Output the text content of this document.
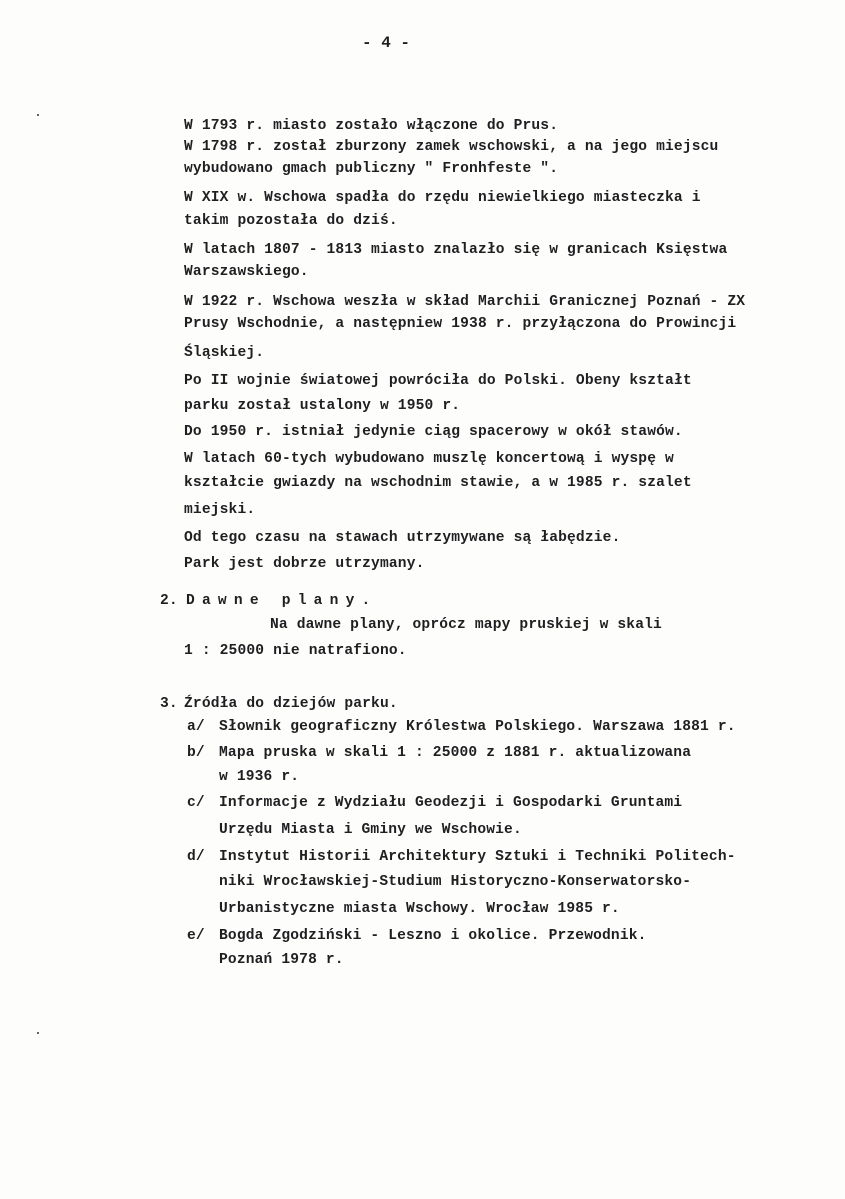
- 4 -
W 1793 r. miasto zostało włączone do Prus.
W 1798 r. został zburzony zamek wschowski, a na jego miejscu
wybudowano gmach publiczny " Fronhfeste ".
W XIX w. Wschowa spadła do rzędu niewielkiego miasteczka i
takim pozostała do dziś.
W latach 1807 - 1813 miasto znalazło się w granicach Księstwa
Warszawskiego.
W 1922 r. Wschowa weszła w skład Marchii Granicznej Poznań - ZX
Prusy Wschodnie, a następniew 1938 r. przyłączona do Prowincji
Śląskiej.
Po II wojnie światowej powróciła do Polski. Obeny kształt
parku został ustalony w 1950 r.
Do 1950 r. istniał jedynie ciąg spacerowy w okół stawów.
W latach 60-tych wybudowano muszlę koncertową i wyspę w
kształcie gwiazdy na wschodnim stawie, a w 1985 r. szalet
miejski.
Od tego czasu na stawach utrzymywane są łabędzie.
Park jest dobrze utrzymany.
2. Dawne plany.
Na dawne plany, oprócz mapy pruskiej w skali
1 : 25000 nie natrafiono.
3. Źródła do dziejów parku.
a/ Słownik geograficzny Królestwa Polskiego. Warszawa 1881 r.
b/ Mapa pruska w skali 1 : 25000 z 1881 r. aktualizowana
w 1936 r.
c/ Informacje z Wydziału Geodezji i Gospodarki Gruntami
Urzędu Miasta i Gminy we Wschowie.
d/ Instytut Historii Architektury Sztuki i Techniki Politech-
niki Wrocławskiej-Studium Historyczno-Konserwatorsko-
Urbanistyczne miasta Wschowy. Wrocław 1985 r.
e/ Bogda Zgodziński - Leszno i okolice. Przewodnik.
Poznań 1978 r.
